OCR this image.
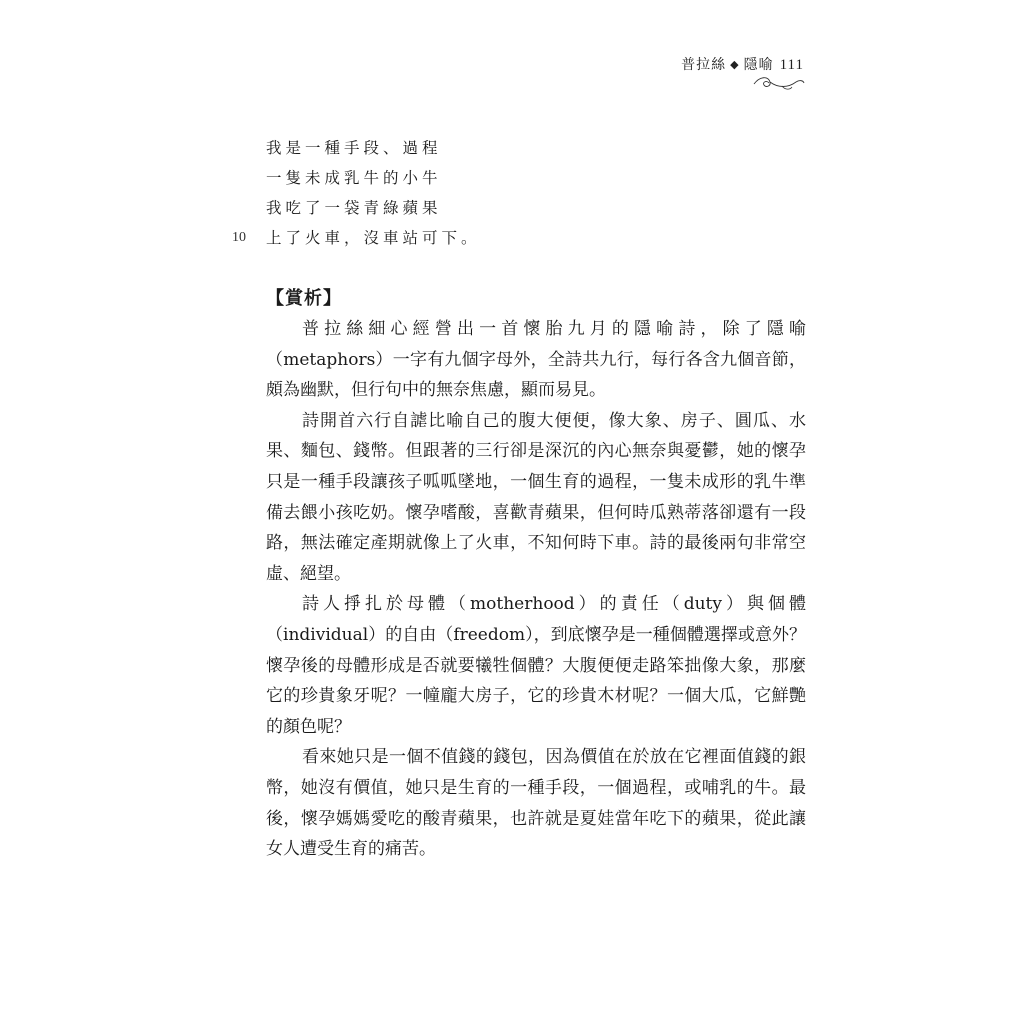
普拉絲 ◆ 隱喻 111
我是一種手段、過程
一隻未成乳牛的小牛
我吃了一袋青綠蘋果
10 上了火車，沒車站可下。
【賞析】

普拉絲細心經營出一首懷胎九月的隱喻詩，除了隱喻（metaphors）一字有九個字母外，全詩共九行，每行各含九個音節，頗為幽默，但行句中的無奈焦慮，顯而易見。

詩開首六行自謔比喻自己的腹大便便，像大象、房子、圓瓜、水果、麵包、錢幣。但跟著的三行卻是深沉的內心無奈與憂鬱，她的懷孕只是一種手段讓孩子呱呱墜地，一個生育的過程，一隻未成形的乳牛準備去餵小孩吃奶。懷孕嗜酸，喜歡青蘋果，但何時瓜熟蒂落卻還有一段路，無法確定產期就像上了火車，不知何時下車。詩的最後兩句非常空虛、絕望。

詩人掙扎於母體（motherhood）的責任（duty）與個體（individual）的自由（freedom），到底懷孕是一種個體選擇或意外？懷孕後的母體形成是否就要犧牲個體？大腹便便走路笨拙像大象，那麼它的珍貴象牙呢？一幢龐大房子，它的珍貴木材呢？一個大瓜，它鮮艷的顏色呢？

看來她只是一個不值錢的錢包，因為價值在於放在它裡面值錢的銀幣，她沒有價值，她只是生育的一種手段，一個過程，或哺乳的牛。最後，懷孕媽媽愛吃的酸青蘋果，也許就是夏娃當年吃下的蘋果，從此讓女人遭受生育的痛苦。
